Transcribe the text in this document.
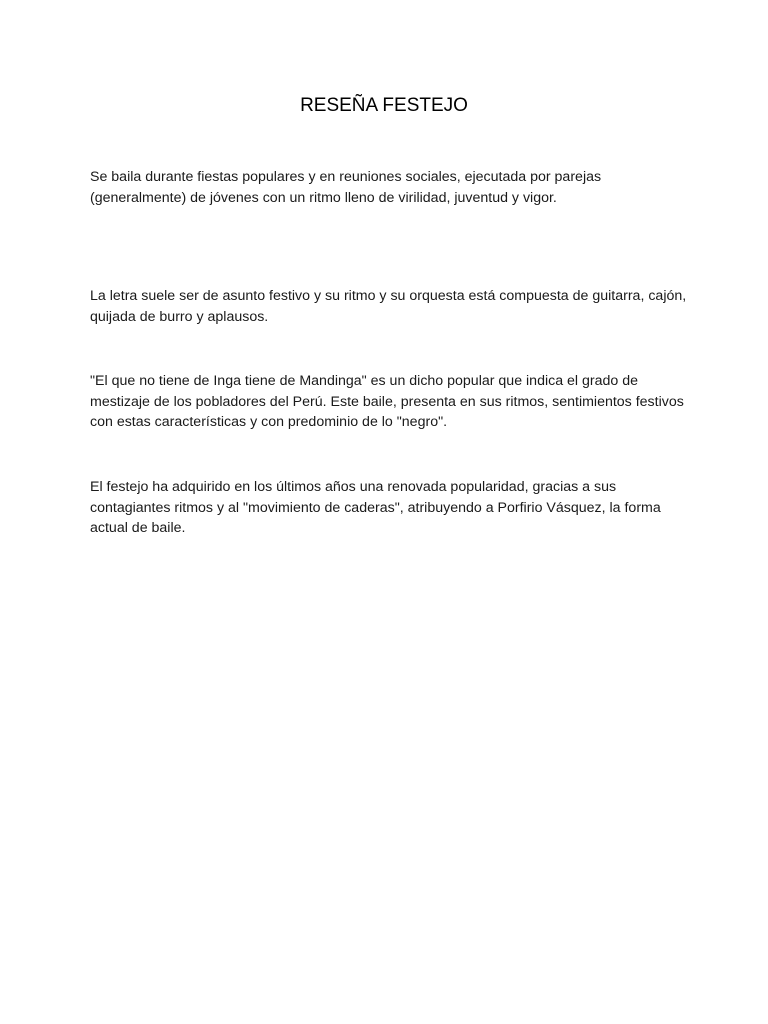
RESEÑA FESTEJO

Se baila durante fiestas populares y en reuniones sociales, ejecutada por parejas (generalmente) de jóvenes con un ritmo lleno de virilidad, juventud y vigor.

La letra suele ser de asunto festivo y su ritmo y su orquesta está compuesta de guitarra, cajón, quijada de burro y aplausos.

"El que no tiene de Inga tiene de Mandinga" es un dicho popular que indica el grado de mestizaje de los pobladores del Perú. Este baile, presenta en sus ritmos, sentimientos festivos con estas características y con predominio de lo "negro".

El festejo ha adquirido en los últimos años una renovada popularidad, gracias a sus contagiantes ritmos y al "movimiento de caderas", atribuyendo a Porfirio Vásquez, la forma actual de baile.
